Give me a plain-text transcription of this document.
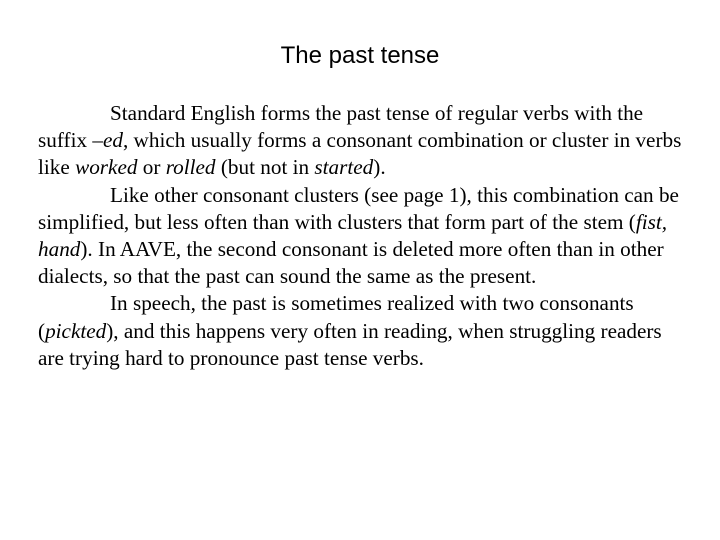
The past tense

Standard English forms the past tense of regular verbs with the suffix –ed, which usually forms a consonant combination or cluster in verbs like worked or rolled (but not in started).

Like other consonant clusters (see page 1), this combination can be simplified, but less often than with clusters that form part of the stem (fist, hand). In AAVE, the second consonant is deleted more often than in other dialects, so that the past can sound the same as the present.

In speech, the past is sometimes realized with two consonants (pickted), and this happens very often in reading, when struggling readers are trying hard to pronounce past tense verbs.
